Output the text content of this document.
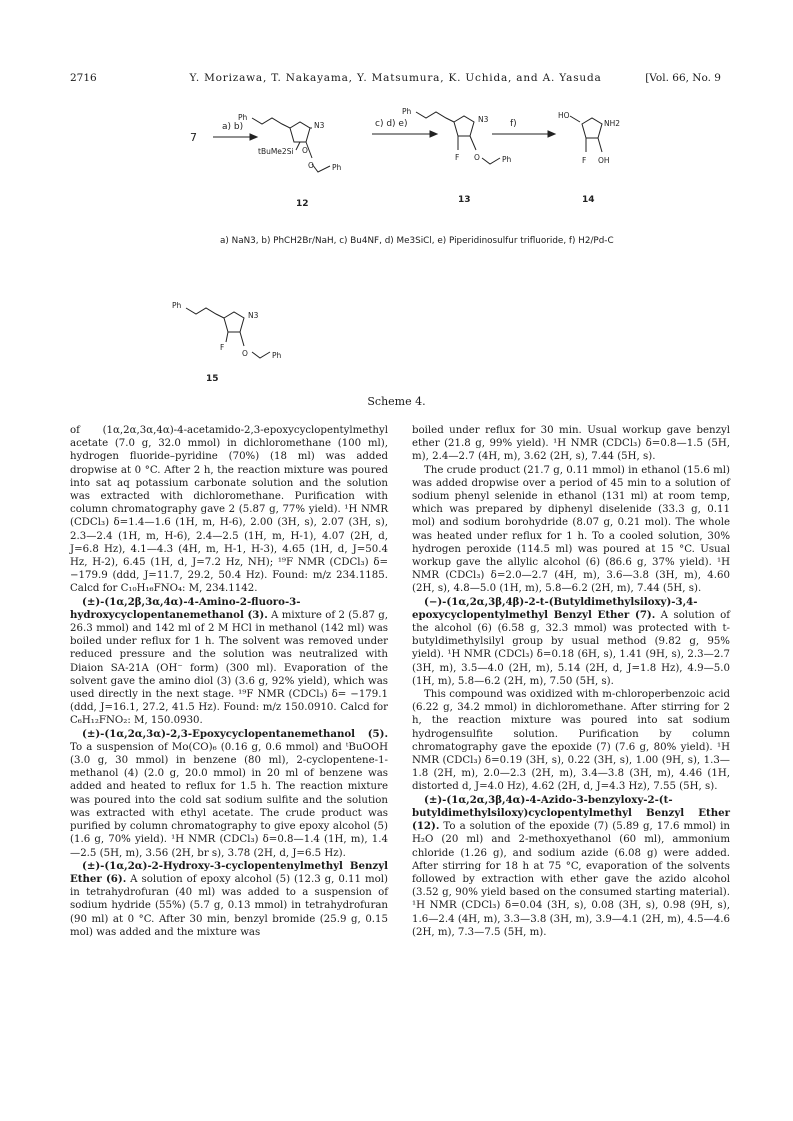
2716	Y. Morizawa, T. Nakayama, Y. Matsumura, K. Uchida, and A. Yasuda	[Vol. 66, No. 9
7
a) b)	c) d) e)	f)
Ph
N3
tBuMe2Si O
O Ph
12
Ph
N3
F O	Ph
13
HO
NH2
F OH
14
Ph
N3
F
O	Ph
15
a) NaN3, b) PhCH2Br/NaH, c) Bu4NF, d) Me3SiCl, e) Piperidinosulfur trifluoride, f) H2/Pd-C
Scheme 4.

of (1α,2α,3α,4α)-4-acetamido-2,3-epoxycyclopentylmethyl acetate (7.0 g, 32.0 mmol) in dichloromethane (100 ml), hydrogen fluoride–pyridine (70%) (18 ml) was added dropwise at 0 °C. After 2 h, the reaction mixture was poured into sat aq potassium carbonate solution and the solution was extracted with dichloromethane. Purification with column chromatography gave 2 (5.87 g, 77% yield). ¹H NMR (CDCl₃) δ=1.4—1.6 (1H, m, H-6), 2.00 (3H, s), 2.07 (3H, s), 2.3—2.4 (1H, m, H-6), 2.4—2.5 (1H, m, H-1), 4.07 (2H, d, J=6.8 Hz), 4.1—4.3 (4H, m, H-1, H-3), 4.65 (1H, d, J=50.4 Hz, H-2), 6.45 (1H, d, J=7.2 Hz, NH); ¹⁹F NMR (CDCl₃) δ= −179.9 (ddd, J=11.7, 29.2, 50.4 Hz). Found: m/z 234.1185. Calcd for C₁₀H₁₆FNO₄: M, 234.1142.

(±)-(1α,2β,3α,4α)-4-Amino-2-fluoro-3-hydroxycyclopentanemethanol (3). A mixture of 2 (5.87 g, 26.3 mmol) and 142 ml of 2 M HCl in methanol (142 ml) was boiled under reflux for 1 h. The solvent was removed under reduced pressure and the solution was neutralized with Diaion SA-21A (OH⁻ form) (300 ml). Evaporation of the solvent gave the amino diol (3) (3.6 g, 92% yield), which was used directly in the next stage. ¹⁹F NMR (CDCl₃) δ= −179.1 (ddd, J=16.1, 27.2, 41.5 Hz). Found: m/z 150.0910. Calcd for C₆H₁₂FNO₂: M, 150.0930.

(±)-(1α,2α,3α)-2,3-Epoxycyclopentanemethanol (5). To a suspension of Mo(CO)₆ (0.16 g, 0.6 mmol) and ᵗBuOOH (3.0 g, 30 mmol) in benzene (80 ml), 2-cyclopentene-1-methanol (4) (2.0 g, 20.0 mmol) in 20 ml of benzene was added and heated to reflux for 1.5 h. The reaction mixture was poured into the cold sat sodium sulfite and the solution was extracted with ethyl acetate. The crude product was purified by column chromatography to give epoxy alcohol (5) (1.6 g, 70% yield). ¹H NMR (CDCl₃) δ=0.8—1.4 (1H, m), 1.4—2.5 (5H, m), 3.56 (2H, br s), 3.78 (2H, d, J=6.5 Hz).

(±)-(1α,2α)-2-Hydroxy-3-cyclopentenylmethyl Benzyl Ether (6). A solution of epoxy alcohol (5) (12.3 g, 0.11 mol) in tetrahydrofuran (40 ml) was added to a suspension of sodium hydride (55%) (5.7 g, 0.13 mmol) in tetrahydrofuran (90 ml) at 0 °C. After 30 min, benzyl bromide (25.9 g, 0.15 mol) was added and the mixture was

boiled under reflux for 30 min. Usual workup gave benzyl ether (21.8 g, 99% yield). ¹H NMR (CDCl₃) δ=0.8—1.5 (5H, m), 2.4—2.7 (4H, m), 3.62 (2H, s), 7.44 (5H, s).

The crude product (21.7 g, 0.11 mmol) in ethanol (15.6 ml) was added dropwise over a period of 45 min to a solution of sodium phenyl selenide in ethanol (131 ml) at room temp, which was prepared by diphenyl diselenide (33.3 g, 0.11 mol) and sodium borohydride (8.07 g, 0.21 mol). The whole was heated under reflux for 1 h. To a cooled solution, 30% hydrogen peroxide (114.5 ml) was poured at 15 °C. Usual workup gave the allylic alcohol (6) (86.6 g, 37% yield). ¹H NMR (CDCl₃) δ=2.0—2.7 (4H, m), 3.6—3.8 (3H, m), 4.60 (2H, s), 4.8—5.0 (1H, m), 5.8—6.2 (2H, m), 7.44 (5H, s).

(−)-(1α,2α,3β,4β)-2-t-(Butyldimethylsiloxy)-3,4-epoxycyclopentylmethyl Benzyl Ether (7). A solution of the alcohol (6) (6.58 g, 32.3 mmol) was protected with t-butyldimethylsilyl group by usual method (9.82 g, 95% yield). ¹H NMR (CDCl₃) δ=0.18 (6H, s), 1.41 (9H, s), 2.3—2.7 (3H, m), 3.5—4.0 (2H, m), 5.14 (2H, d, J=1.8 Hz), 4.9—5.0 (1H, m), 5.8—6.2 (2H, m), 7.50 (5H, s).

This compound was oxidized with m-chloroperbenzoic acid (6.22 g, 34.2 mmol) in dichloromethane. After stirring for 2 h, the reaction mixture was poured into sat sodium hydrogensulfite solution. Purification by column chromatography gave the epoxide (7) (7.6 g, 80% yield). ¹H NMR (CDCl₃) δ=0.19 (3H, s), 0.22 (3H, s), 1.00 (9H, s), 1.3—1.8 (2H, m), 2.0—2.3 (2H, m), 3.4—3.8 (3H, m), 4.46 (1H, distorted d, J=4.0 Hz), 4.62 (2H, d, J=4.3 Hz), 7.55 (5H, s).

(±)-(1α,2α,3β,4α)-4-Azido-3-benzyloxy-2-(t-butyldimethylsiloxy)cyclopentylmethyl Benzyl Ether (12). To a solution of the epoxide (7) (5.89 g, 17.6 mmol) in H₂O (20 ml) and 2-methoxyethanol (60 ml), ammonium chloride (1.26 g), and sodium azide (6.08 g) were added. After stirring for 18 h at 75 °C, evaporation of the solvents followed by extraction with ether gave the azido alcohol (3.52 g, 90% yield based on the consumed starting material). ¹H NMR (CDCl₃) δ=0.04 (3H, s), 0.08 (3H, s), 0.98 (9H, s), 1.6—2.4 (4H, m), 3.3—3.8 (3H, m), 3.9—4.1 (2H, m), 4.5—4.6 (2H, m), 7.3—7.5 (5H, m).
